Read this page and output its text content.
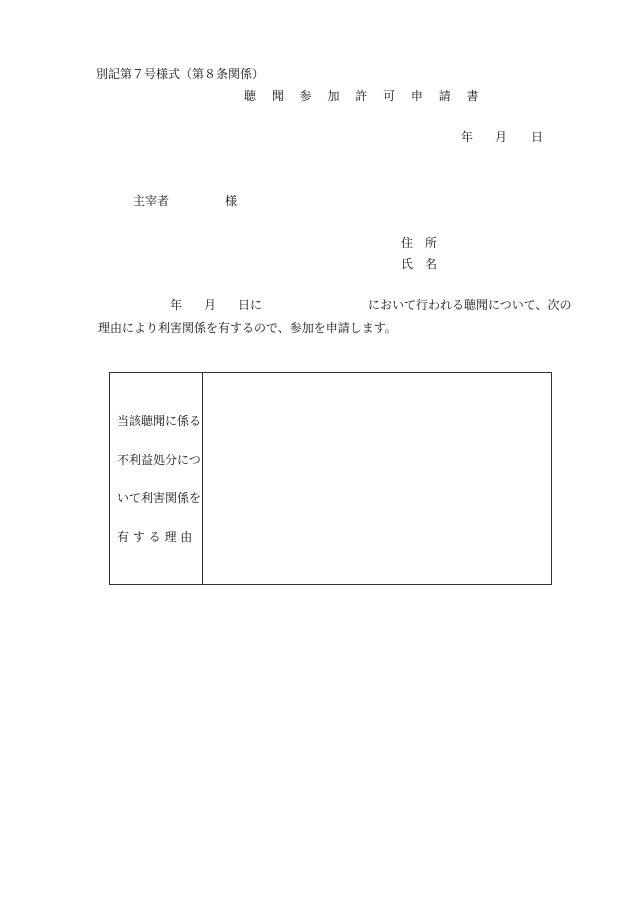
別記第７号様式（第８条関係）
聴 聞 参 加 許 可 申 請 書
年 月 日
主宰者	様
住　所
氏　名
年 月 日に	において行われる聴聞について、次の
理由により利害関係を有するので、参加を申請します。
当該聴聞に係る
不利益処分につ
いて利害関係を
有 す る 理 由
